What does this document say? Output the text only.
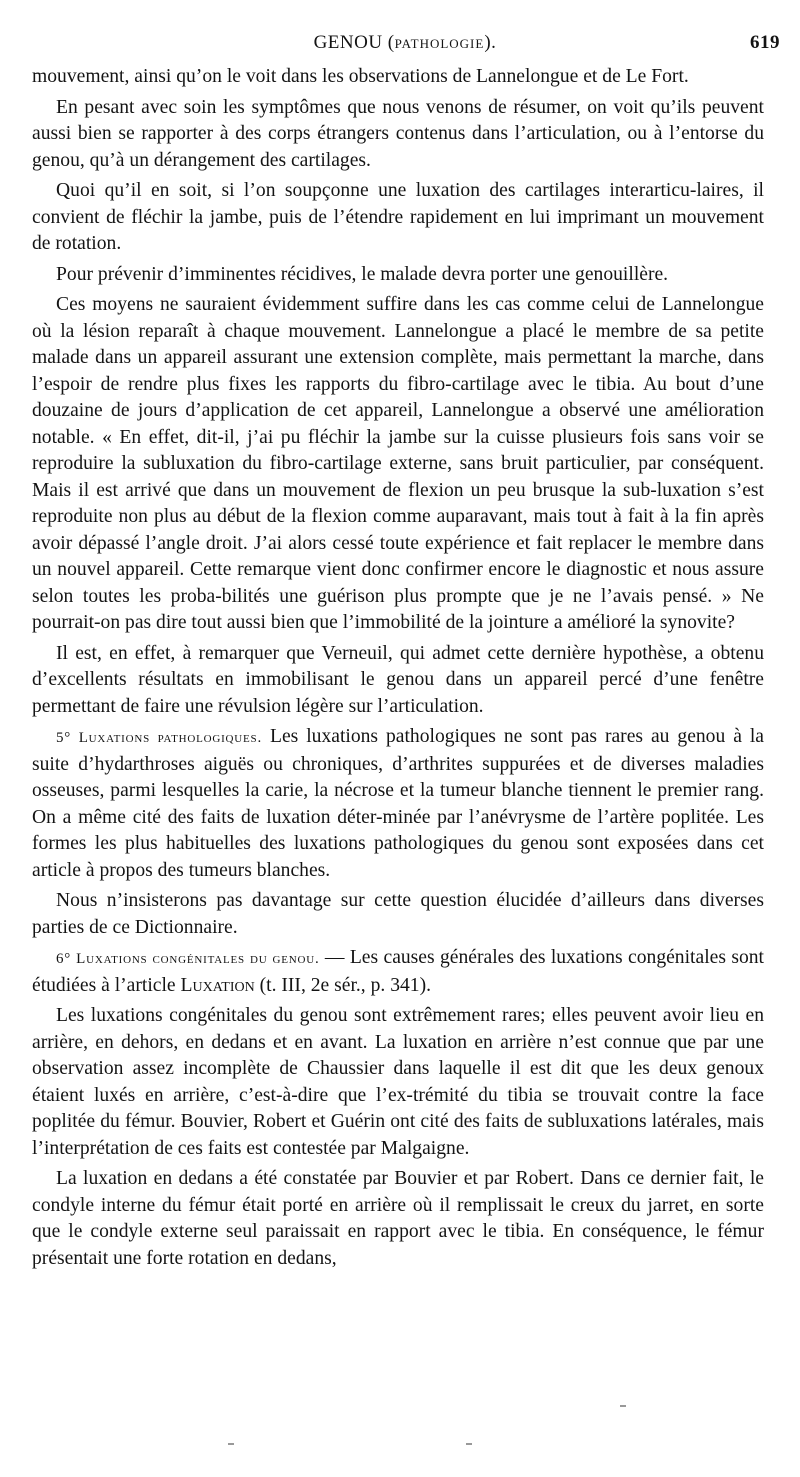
GENOU (PATHOLOGIE).	619

mouvement, ainsi qu’on le voit dans les observations de Lannelongue et de Le Fort.

En pesant avec soin les symptômes que nous venons de résumer, on voit qu’ils peuvent aussi bien se rapporter à des corps étrangers contenus dans l’articulation, ou à l’entorse du genou, qu’à un dérangement des cartilages.

Quoi qu’il en soit, si l’on soupçonne une luxation des cartilages interarticu-laires, il convient de fléchir la jambe, puis de l’étendre rapidement en lui imprimant un mouvement de rotation.

Pour prévenir d’imminentes récidives, le malade devra porter une genouillère.

Ces moyens ne sauraient évidemment suffire dans les cas comme celui de Lannelongue où la lésion reparaît à chaque mouvement. Lannelongue a placé le membre de sa petite malade dans un appareil assurant une extension complète, mais permettant la marche, dans l’espoir de rendre plus fixes les rapports du fibro-cartilage avec le tibia. Au bout d’une douzaine de jours d’application de cet appareil, Lannelongue a observé une amélioration notable. « En effet, dit-il, j’ai pu fléchir la jambe sur la cuisse plusieurs fois sans voir se reproduire la subluxation du fibro-cartilage externe, sans bruit particulier, par conséquent. Mais il est arrivé que dans un mouvement de flexion un peu brusque la sub-luxation s’est reproduite non plus au début de la flexion comme auparavant, mais tout à fait à la fin après avoir dépassé l’angle droit. J’ai alors cessé toute expérience et fait replacer le membre dans un nouvel appareil. Cette remarque vient donc confirmer encore le diagnostic et nous assure selon toutes les proba-bilités une guérison plus prompte que je ne l’avais pensé. » Ne pourrait-on pas dire tout aussi bien que l’immobilité de la jointure a amélioré la synovite?

Il est, en effet, à remarquer que Verneuil, qui admet cette dernière hypothèse, a obtenu d’excellents résultats en immobilisant le genou dans un appareil percé d’une fenêtre permettant de faire une révulsion légère sur l’articulation.

5° Luxations pathologiques. Les luxations pathologiques ne sont pas rares au genou à la suite d’hydarthroses aiguës ou chroniques, d’arthrites suppurées et de diverses maladies osseuses, parmi lesquelles la carie, la nécrose et la tumeur blanche tiennent le premier rang. On a même cité des faits de luxation déter-minée par l’anévrysme de l’artère poplitée. Les formes les plus habituelles des luxations pathologiques du genou sont exposées dans cet article à propos des tumeurs blanches.

Nous n’insisterons pas davantage sur cette question élucidée d’ailleurs dans diverses parties de ce Dictionnaire.

6° Luxations congénitales du genou. — Les causes générales des luxations congénitales sont étudiées à l’article Luxation (t. III, 2e sér., p. 341).

Les luxations congénitales du genou sont extrêmement rares; elles peuvent avoir lieu en arrière, en dehors, en dedans et en avant. La luxation en arrière n’est connue que par une observation assez incomplète de Chaussier dans laquelle il est dit que les deux genoux étaient luxés en arrière, c’est-à-dire que l’ex-trémité du tibia se trouvait contre la face poplitée du fémur. Bouvier, Robert et Guérin ont cité des faits de subluxations latérales, mais l’interprétation de ces faits est contestée par Malgaigne.

La luxation en dedans a été constatée par Bouvier et par Robert. Dans ce dernier fait, le condyle interne du fémur était porté en arrière où il remplissait le creux du jarret, en sorte que le condyle externe seul paraissait en rapport avec le tibia. En conséquence, le fémur présentait une forte rotation en dedans,
